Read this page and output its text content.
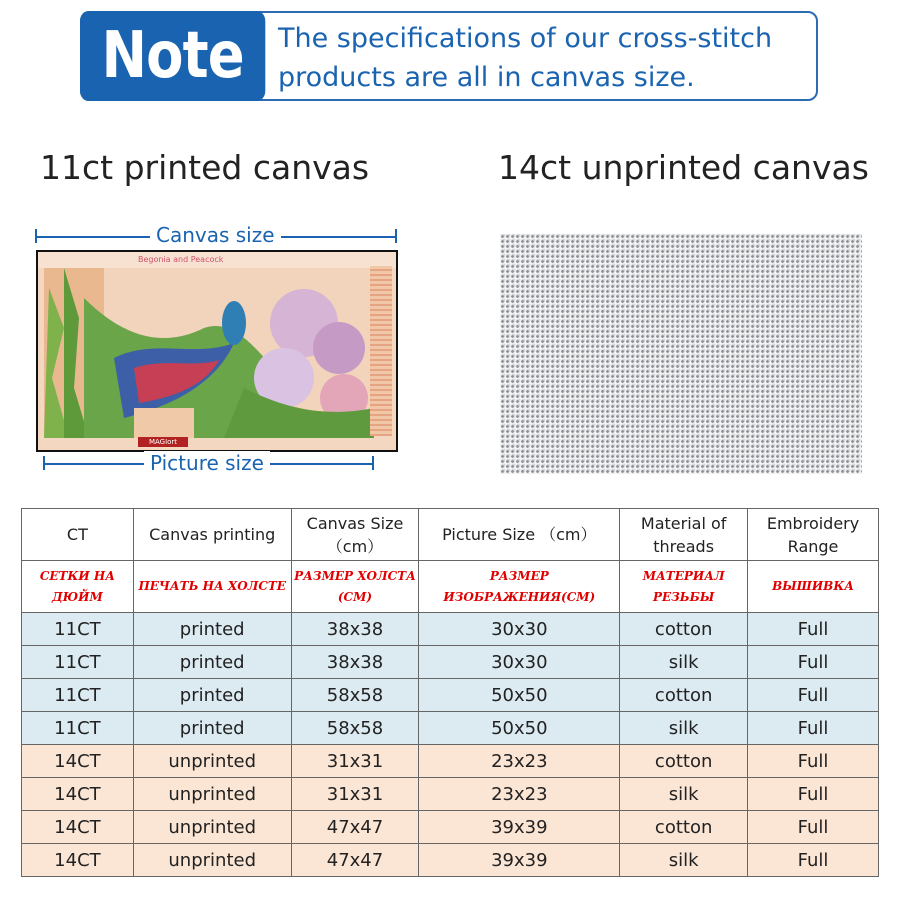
Note	The specifications of our cross-stitch products are all in canvas size.
11ct printed canvas	14ct unprinted canvas
Canvas size
Begonia and Peacock
MAGIort
Picture size
CT	Canvas printing	Canvas Size （cm）	Picture Size （cm）	Material of threads	Embroidery Range
СЕТКИ НА ДЮЙМ	ПЕЧАТЬ НА ХОЛСТЕ	РАЗМЕР ХОЛСТА (СМ)	РАЗМЕР ИЗОБРАЖЕНИЯ(СМ)	МАТЕРИАЛ РЕЗЬБЫ	ВЫШИВКА
11CT	printed	38x38	30x30	cotton	Full
11CT	printed	38x38	30x30	silk	Full
11CT	printed	58x58	50x50	cotton	Full
11CT	printed	58x58	50x50	silk	Full
14CT	unprinted	31x31	23x23	cotton	Full
14CT	unprinted	31x31	23x23	silk	Full
14CT	unprinted	47x47	39x39	cotton	Full
14CT	unprinted	47x47	39x39	silk	Full
